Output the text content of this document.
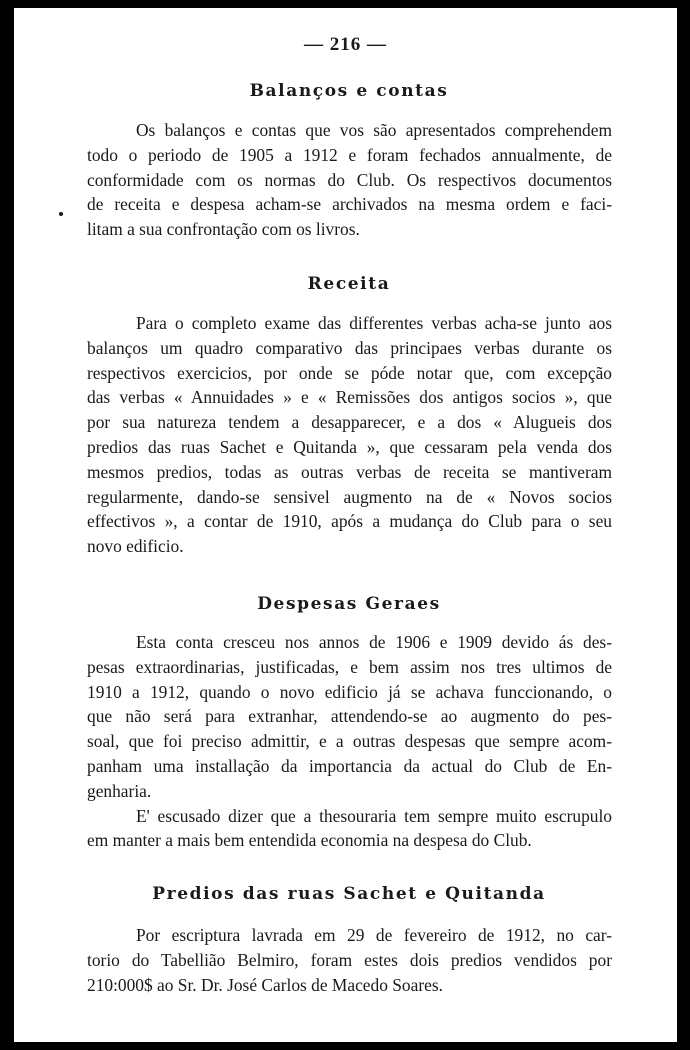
— 216 —
Balanços e contas
Os balanços e contas que vos são apresentados comprehendem
todo o periodo de 1905 a 1912 e foram fechados annualmente, de
conformidade com os normas do Club. Os respectivos documentos
de receita e despesa acham-se archivados na mesma ordem e faci-
litam a sua confrontação com os livros.
Receita
Para o completo exame das differentes verbas acha-se junto aos
balanços um quadro comparativo das principaes verbas durante os
respectivos exercicios, por onde se póde notar que, com excepção
das verbas « Annuidades » e « Remissões dos antigos socios », que
por sua natureza tendem a desapparecer, e a dos « Alugueis dos
predios das ruas Sachet e Quitanda », que cessaram pela venda dos
mesmos predios, todas as outras verbas de receita se mantiveram
regularmente, dando-se sensivel augmento na de « Novos socios
effectivos », a contar de 1910, após a mudança do Club para o seu
novo edificio.
Despesas Geraes
Esta conta cresceu nos annos de 1906 e 1909 devido ás des-
pesas extraordinarias, justificadas, e bem assim nos tres ultimos de
1910 a 1912, quando o novo edificio já se achava funccionando, o
que não será para extranhar, attendendo-se ao augmento do pes-
soal, que foi preciso admittir, e a outras despesas que sempre acom-
panham uma installação da importancia da actual do Club de En-
genharia.
E' escusado dizer que a thesouraria tem sempre muito escrupulo
em manter a mais bem entendida economia na despesa do Club.
Predios das ruas Sachet e Quitanda
Por escriptura lavrada em 29 de fevereiro de 1912, no car-
torio do Tabellião Belmiro, foram estes dois predios vendidos por
210:000$ ao Sr. Dr. José Carlos de Macedo Soares.
